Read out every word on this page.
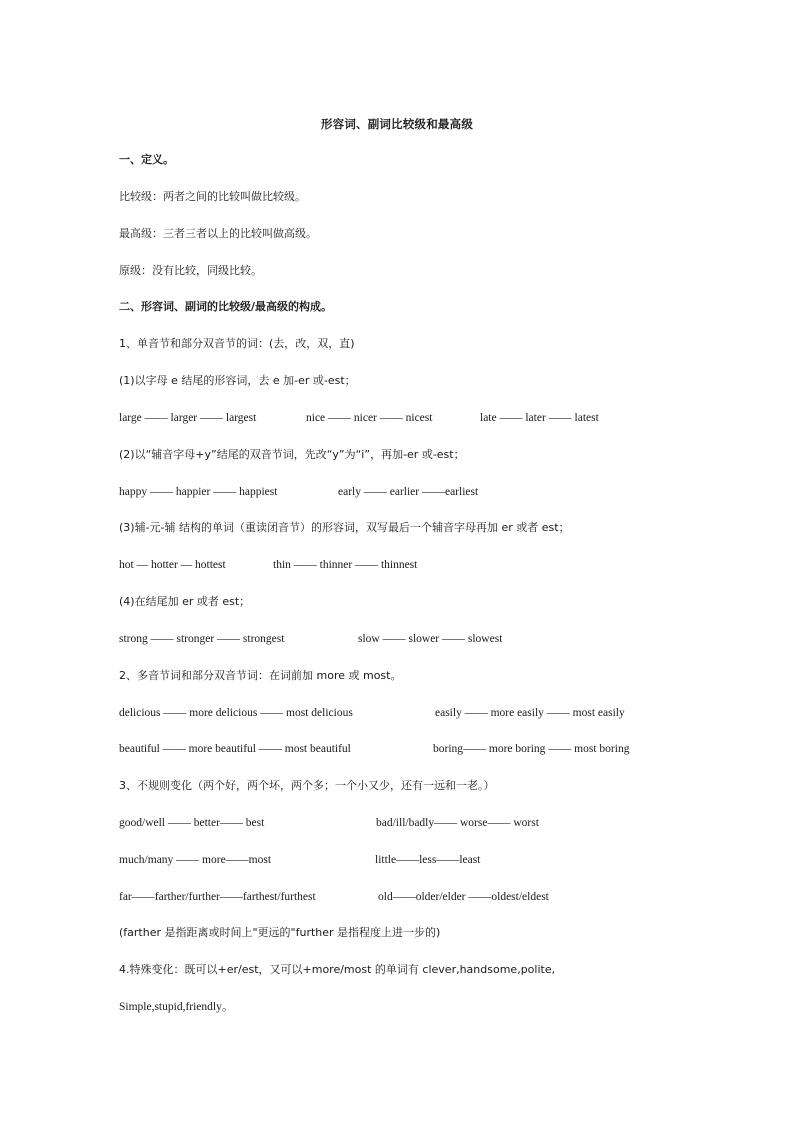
形容词、副词比较级和最高级
一、定义。
比较级：两者之间的比较叫做比较级。
最高级：三者三者以上的比较叫做高级。
原级：没有比较，同级比较。
二、形容词、副词的比较级/最高级的构成。
1、单音节和部分双音节的词：(去，改，双，直)
(1)以字母 e 结尾的形容词，去 e 加-er 或-est；
large —— larger —— largest	nice —— nicer —— nicest	late —— later —— latest
(2)以“辅音字母+y”结尾的双音节词，先改“y”为“i”，再加-er 或-est；
happy —— happier —— happiest	early —— earlier ——earliest
(3)辅-元-辅 结构的单词（重读闭音节）的形容词，双写最后一个辅音字母再加 er 或者 est；
hot — hotter — hottest	thin —— thinner —— thinnest
(4)在结尾加 er 或者 est；
strong —— stronger —— strongest	slow —— slower —— slowest
2、多音节词和部分双音节词：在词前加 more 或 most。
delicious —— more delicious —— most delicious	easily —— more easily —— most easily
beautiful —— more beautiful —— most beautiful	boring—— more boring —— most boring
3、不规则变化（两个好，两个坏，两个多；一个小又少，还有一远和一老。）
good/well —— better—— best	bad/ill/badly—— worse—— worst
much/many —— more——most	little——less——least
far——farther/further——farthest/furthest	old——older/elder ——oldest/eldest
(farther 是指距离或时间上"更远的"further 是指程度上进一步的)
4.特殊变化：既可以+er/est，又可以+more/most 的单词有 clever,handsome,polite,
Simple,stupid,friendly。
